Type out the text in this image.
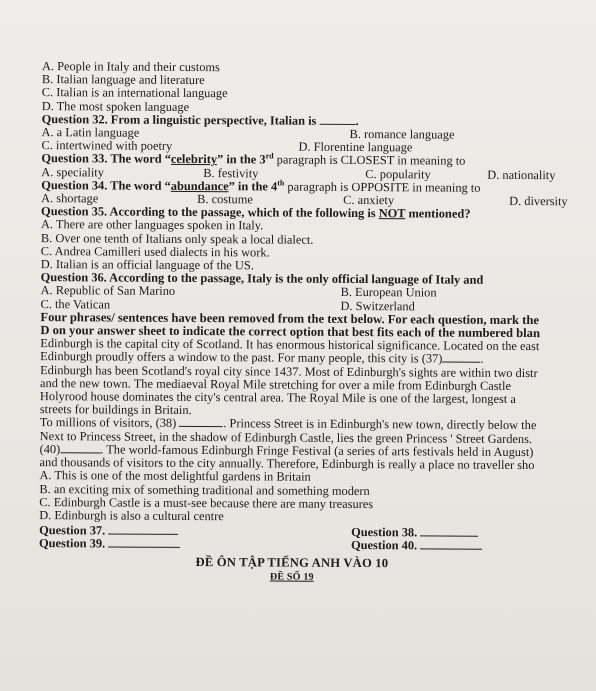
A. People in Italy and their customs
B. Italian language and literature
C. Italian is an international language
D. The most spoken language
Question 32. From a linguistic perspective, Italian is	.
A. a Latin language	B. romance language
C. intertwined with poetry	D. Florentine language
Question 33. The word “celebrity” in the 3rd paragraph is CLOSEST in meaning to
A. speciality	B. festivity	C. popularity	D. nationality
Question 34. The word “abundance” in the 4th paragraph is OPPOSITE in meaning to
A. shortage	B. costume	C. anxiety	D. diversity
Question 35. According to the passage, which of the following is NOT mentioned?
A. There are other languages spoken in Italy.
B. Over one tenth of Italians only speak a local dialect.
C. Andrea Camilleri used dialects in his work.
D. Italian is an official language of the US.
Question 36. According to the passage, Italy is the only official language of Italy and
A. Republic of San Marino	B. European Union
C. the Vatican	D. Switzerland
Four phrases/ sentences have been removed from the text below. For each question, mark the
D on your answer sheet to indicate the correct option that best fits each of the numbered blan
Edinburgh is the capital city of Scotland. It has enormous historical significance. Located on the east
Edinburgh proudly offers a window to the past. For many people, this city is (37)	.
Edinburgh has been Scotland's royal city since 1437. Most of Edinburgh's sights are within two distr
and the new town. The mediaeval Royal Mile stretching for over a mile from Edinburgh Castle
Holyrood house dominates the city's central area. The Royal Mile is one of the largest, longest a
streets for buildings in Britain.
To millions of visitors, (38)	. Princess Street is in Edinburgh's new town, directly below the
Next to Princess Street, in the shadow of Edinburgh Castle, lies the green Princess ' Street Gardens.
(40)	. The world-famous Edinburgh Fringe Festival (a series of arts festivals held in August)
and thousands of visitors to the city annually. Therefore, Edinburgh is really a place no traveller sho
A. This is one of the most delightful gardens in Britain
B. an exciting mix of something traditional and something modern
C. Edinburgh Castle is a must-see because there are many treasures
D. Edinburgh is also a cultural centre
Question 37.	Question 38.
Question 39.	Question 40.
ĐỀ ÔN TẬP TIẾNG ANH VÀO 10
ĐỀ SỐ 19
